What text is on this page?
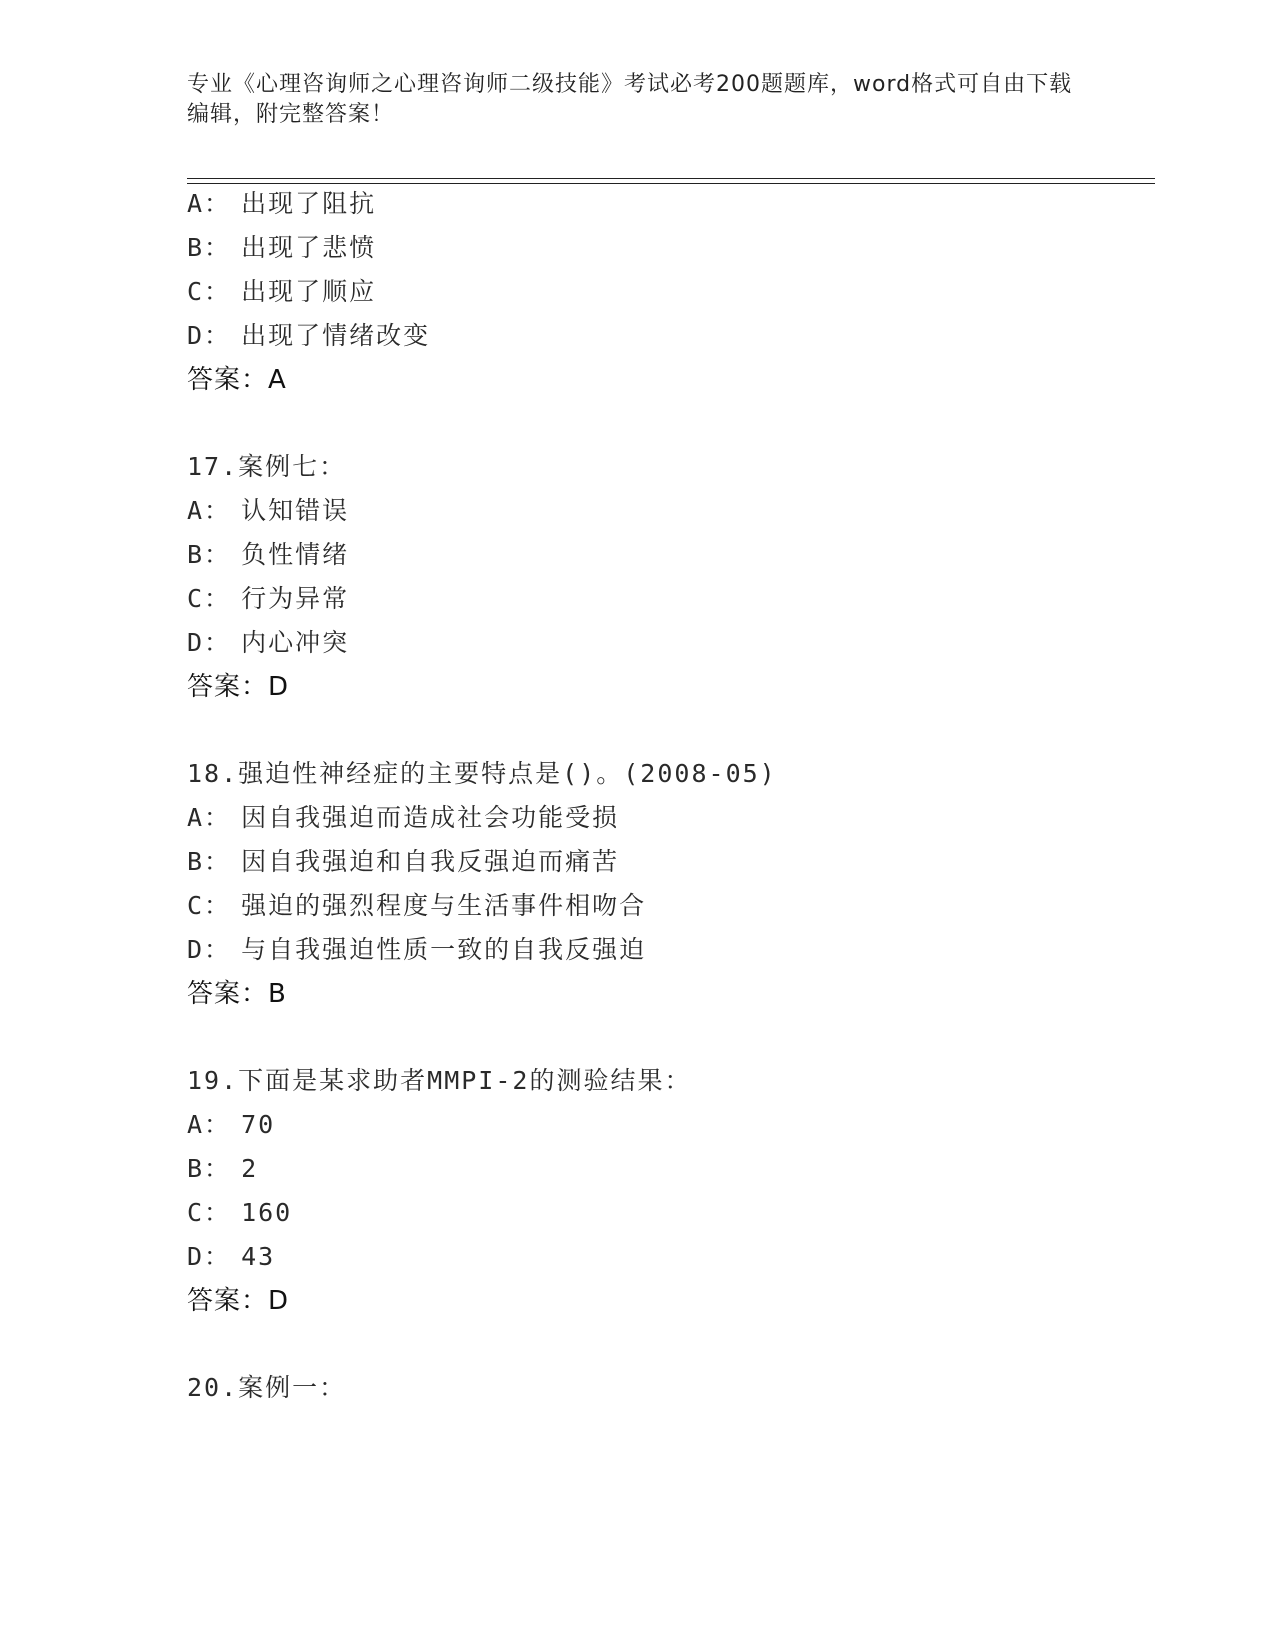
专业《心理咨询师之心理咨询师二级技能》考试必考200题题库，word格式可自由下载编辑，附完整答案！
A： 出现了阻抗
B： 出现了悲愤
C： 出现了顺应
D： 出现了情绪改变
答案：A
17.案例七：
A： 认知错误
B： 负性情绪
C： 行为异常
D： 内心冲突
答案：D
18.强迫性神经症的主要特点是()。(2008-05)
A： 因自我强迫而造成社会功能受损
B： 因自我强迫和自我反强迫而痛苦
C： 强迫的强烈程度与生活事件相吻合
D： 与自我强迫性质一致的自我反强迫
答案：B
19.下面是某求助者MMPI-2的测验结果：
A： 70
B： 2
C： 160
D： 43
答案：D
20.案例一：
